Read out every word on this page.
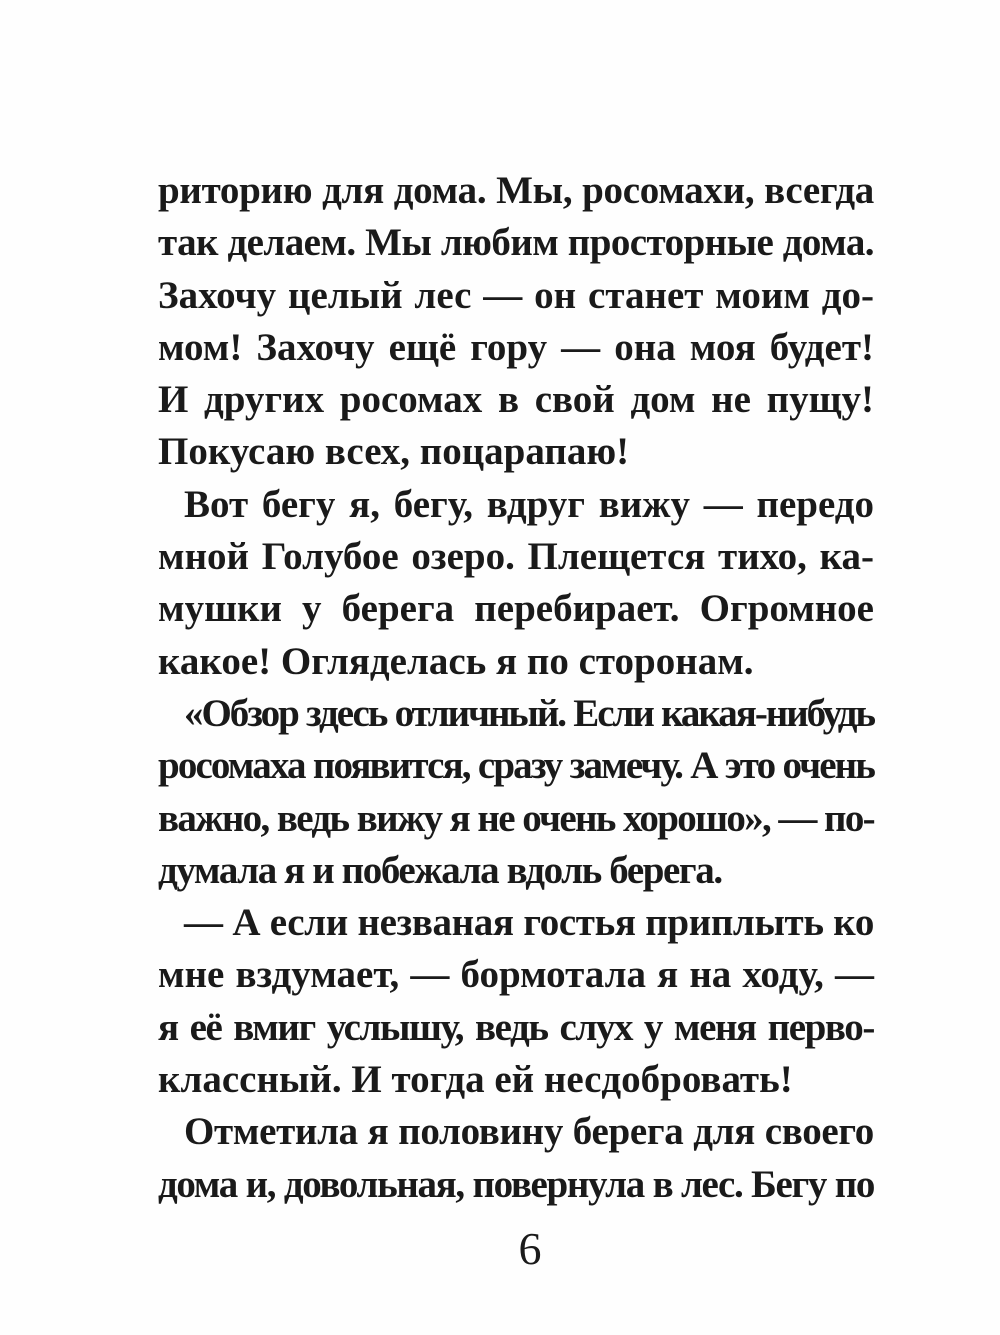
риторию для дома. Мы, росомахи, всегда
так делаем. Мы любим просторные дома.
Захочу целый лес — он станет моим до-
мом! Захочу ещё гору — она моя будет!
И других росомах в свой дом не пущу!
Покусаю всех, поцарапаю!
Вот бегу я, бегу, вдруг вижу — передо
мной Голубое озеро. Плещется тихо, ка-
мушки у берега перебирает. Огромное
какое! Огляделась я по сторонам.
«Обзор здесь отличный. Если какая-нибудь
росомаха появится, сразу замечу. А это очень
важно, ведь вижу я не очень хорошо», — по-
думала я и побежала вдоль берега.
— А если незваная гостья приплыть ко
мне вздумает, — бормотала я на ходу, —
я её вмиг услышу, ведь слух у меня перво-
классный. И тогда ей несдобровать!
Отметила я половину берега для своего
дома и, довольная, повернула в лес. Бегу по
6
